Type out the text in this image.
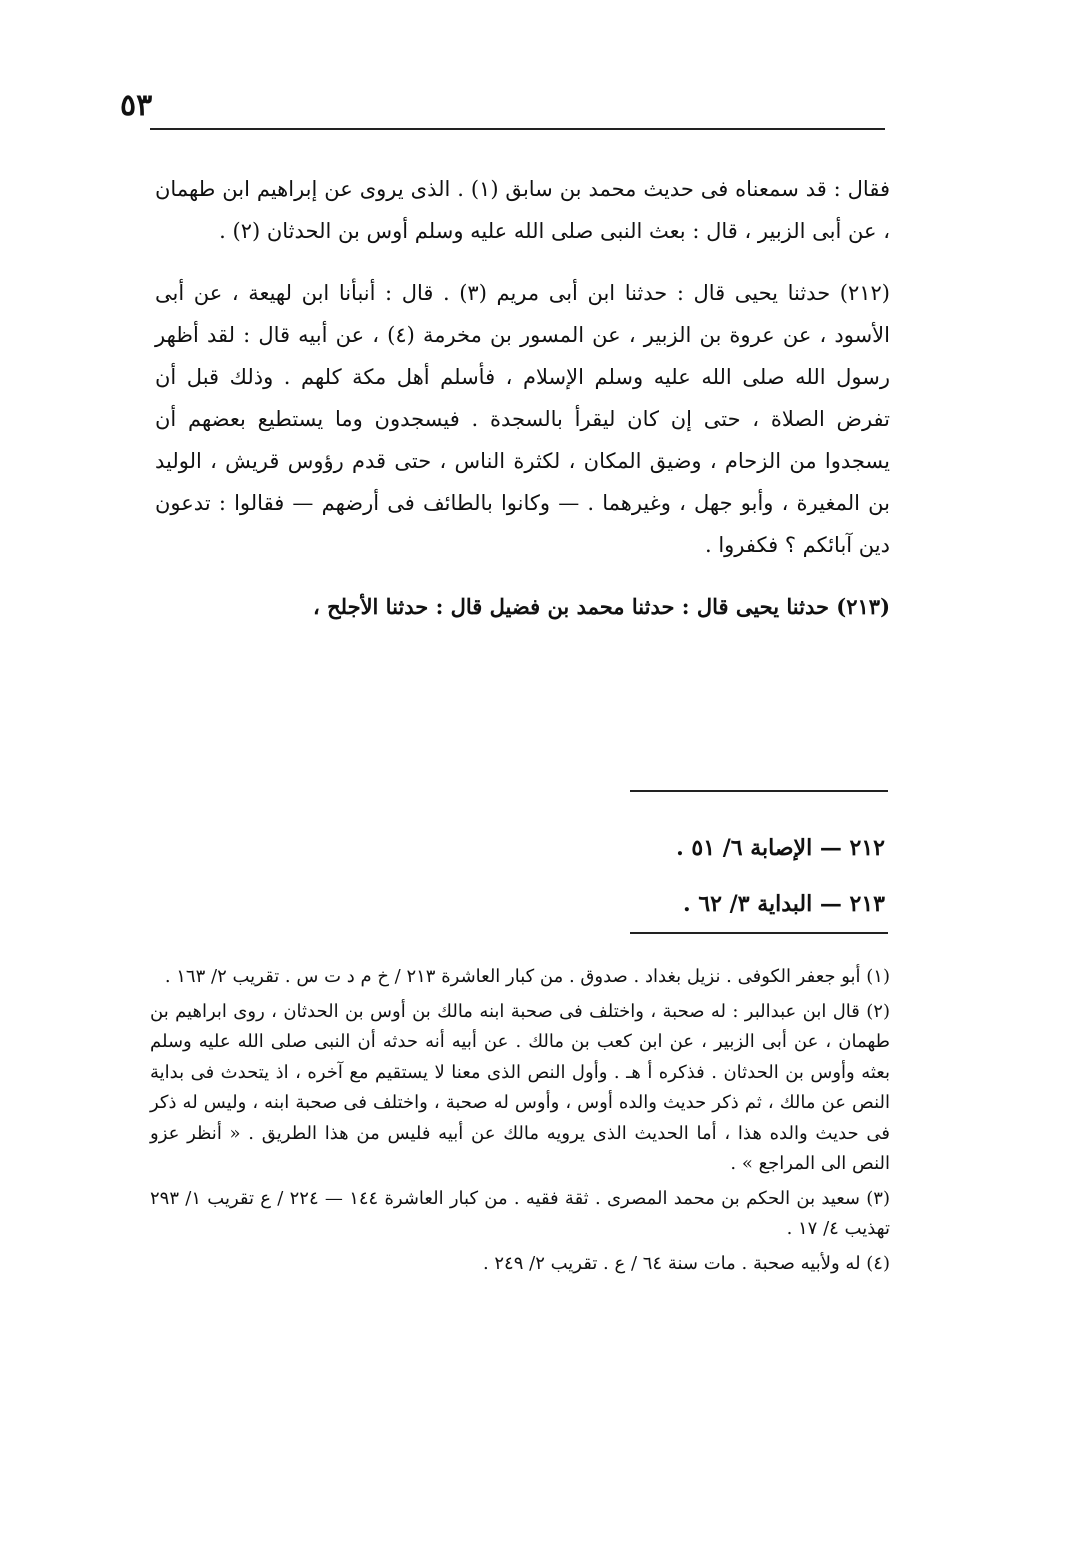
٥٣

فقال : قد سمعناه فى حديث محمد بن سابق (١) . الذى يروى عن إبراهيم ابن طهمان ، عن أبى الزبير ، قال : بعث النبى صلى الله عليه وسلم أوس بن الحدثان (٢) .

(٢١٢) حدثنا يحيى قال : حدثنا ابن أبى مريم (٣) . قال : أنبأنا ابن لهيعة ، عن أبى الأسود ، عن عروة بن الزبير ، عن المسور بن مخرمة (٤) ، عن أبيه قال : لقد أظهر رسول الله صلى الله عليه وسلم الإسلام ، فأسلم أهل مكة كلهم . وذلك قبل أن تفرض الصلاة ، حتى إن كان ليقرأ بالسجدة . فيسجدون وما يستطيع بعضهم أن يسجدوا من الزحام ، وضيق المكان ، لكثرة الناس ، حتى قدم رؤوس قريش ، الوليد بن المغيرة ، وأبو جهل ، وغيرهما . — وكانوا بالطائف فى أرضهم — فقالوا : تدعون دين آبائكم ؟ فكفروا .

(٢١٣) حدثنا يحيى قال : حدثنا محمد بن فضيل قال : حدثنا الأجلح ،

٢١٢ — الإصابة ٦/ ٥١ .
٢١٣ — البداية ٣/ ٦٢ .

(١) أبو جعفر الكوفى . نزيل بغداد . صدوق . من كبار العاشرة ٢١٣ / خ م د ت س . تقريب ٢/ ١٦٣ .

(٢) قال ابن عبدالبر : له صحبة ، واختلف فى صحبة ابنه مالك بن أوس بن الحدثان ، روى ابراهيم بن طهمان ، عن أبى الزبير ، عن ابن كعب بن مالك . عن أبيه أنه حدثه أن النبى صلى الله عليه وسلم بعثه وأوس بن الحدثان . فذكره أ هـ . وأول النص الذى معنا لا يستقيم مع آخره ، اذ يتحدث فى بداية النص عن مالك ، ثم ذكر حديث والده أوس ، وأوس له صحبة ، واختلف فى صحبة ابنه ، وليس له ذكر فى حديث والده هذا ، أما الحديث الذى يرويه مالك عن أبيه فليس من هذا الطريق . « أنظر عزو النص الى المراجع » .

(٣) سعيد بن الحكم بن محمد المصرى . ثقة فقيه . من كبار العاشرة ١٤٤ — ٢٢٤ / ع تقريب ١/ ٢٩٣ تهذيب ٤/ ١٧ .

(٤) له ولأبيه صحبة . مات سنة ٦٤ / ع . تقريب ٢/ ٢٤٩ .
